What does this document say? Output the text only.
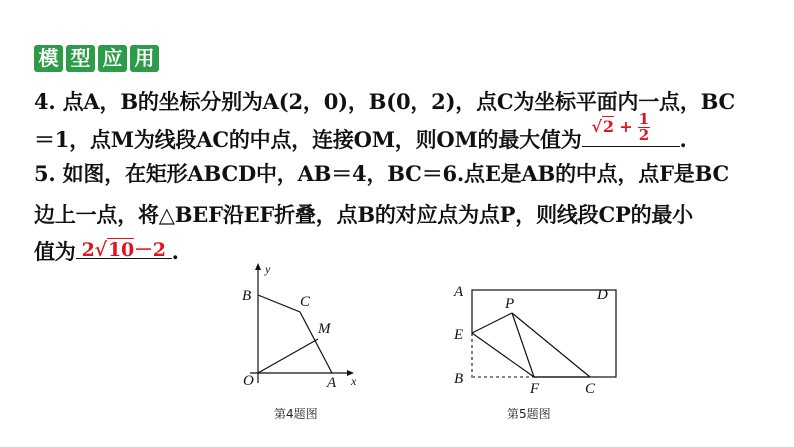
模 型 应 用
4. 点A，B的坐标分别为A(2，0)，B(0，2)，点C为坐标平面内一点，BC
＝1，点M为线段AC的中点，连接OM，则OM的最大值为
$√2 + \frac{1}{2}$ .
5. 如图，在矩形ABCD中，AB＝4，BC＝6.点E是AB的中点，点F是BC
边上一点，将△BEF沿EF折叠，点B的对应点为点P，则线段CP的最小
值为 2√10－2 .
y
x
B	C
M
O	A
第4题图
A	D
P
E
B
F	C
第5题图
